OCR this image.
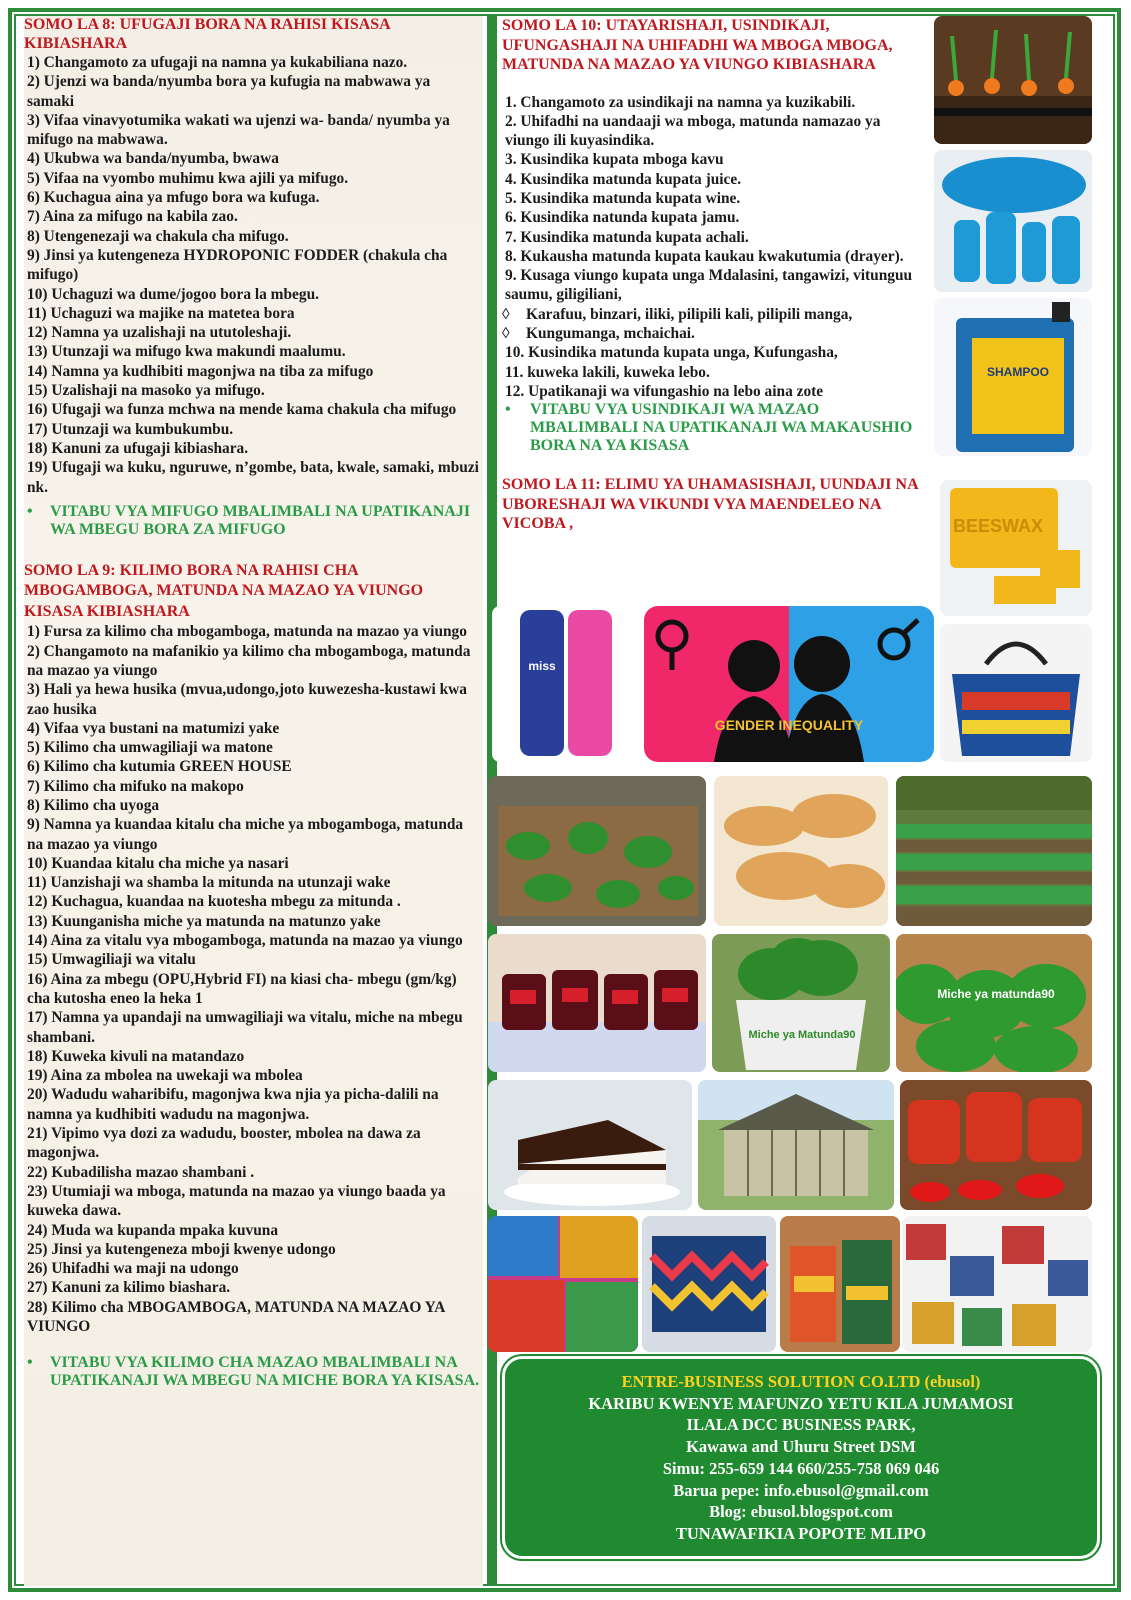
SOMO LA 8: UFUGAJI BORA NA RAHISI KISASA KIBIASHARA

1) Changamoto za ufugaji na namna ya kukabiliana nazo.

2) Ujenzi wa banda/nyumba bora ya kufugia na mabwawa ya samaki

3) Vifaa vinavyotumika wakati wa ujenzi wa- banda/ nyumba ya mifugo na mabwawa.

4) Ukubwa wa banda/nyumba, bwawa

5) Vifaa na vyombo muhimu kwa ajili ya mifugo.

6) Kuchagua aina ya mfugo bora wa kufuga.

7) Aina za mifugo na kabila zao.

8) Utengenezaji wa chakula cha mifugo.

9) Jinsi ya kutengeneza HYDROPONIC FODDER (chakula cha mifugo)

10) Uchaguzi wa dume/jogoo bora la mbegu.

11) Uchaguzi wa majike na matetea bora

12) Namna ya uzalishaji na ututoleshaji.

13) Utunzaji wa mifugo kwa makundi maalumu.

14) Namna ya kudhibiti magonjwa na tiba za mifugo

15) Uzalishaji na masoko ya mifugo.

16) Ufugaji wa funza mchwa na mende kama chakula cha mifugo

17) Utunzaji wa kumbukumbu.

18) Kanuni za ufugaji kibiashara.

19) Ufugaji wa kuku, nguruwe, n’gombe, bata, kwale, samaki, mbuzi nk.

• VITABU VYA MIFUGO MBALIMBALI NA UPATIKANAJI WA MBEGU BORA ZA MIFUGO

SOMO LA 9: KILIMO BORA NA RAHISI CHA MBOGAMBOGA, MATUNDA NA MAZAO YA VIUNGO KISASA KIBIASHARA

1) Fursa za kilimo cha mbogamboga, matunda na mazao ya viungo

2) Changamoto na mafanikio ya kilimo cha mbogamboga, matunda na mazao ya viungo

3) Hali ya hewa husika (mvua,udongo,joto kuwezesha-kustawi kwa zao husika

4) Vifaa vya bustani na matumizi yake

5) Kilimo cha umwagiliaji wa matone

6) Kilimo cha kutumia GREEN HOUSE

7) Kilimo cha mifuko na makopo

8) Kilimo cha uyoga

9) Namna ya kuandaa kitalu cha miche ya mbogamboga, matunda na mazao ya viungo

10) Kuandaa kitalu cha miche ya nasari

11) Uanzishaji wa shamba la mitunda na utunzaji wake

12) Kuchagua, kuandaa na kuotesha mbegu za mitunda .

13) Kuunganisha miche ya matunda na matunzo yake

14) Aina za vitalu vya mbogamboga, matunda na mazao ya viungo

15) Umwagiliaji wa vitalu

16) Aina za mbegu (OPU,Hybrid FI) na kiasi cha- mbegu (gm/kg) cha kutosha eneo la heka 1

17) Namna ya upandaji na umwagiliaji wa vitalu, miche na mbegu shambani.

18) Kuweka kivuli na matandazo

19) Aina za mbolea na uwekaji wa mbolea

20) Wadudu waharibifu, magonjwa kwa njia ya picha-dalili na namna ya kudhibiti wadudu na magonjwa.

21) Vipimo vya dozi za wadudu, booster, mbolea na dawa za magonjwa.

22) Kubadilisha mazao shambani .

23) Utumiaji wa mboga, matunda na mazao ya viungo baada ya kuweka dawa.

24) Muda wa kupanda mpaka kuvuna

25) Jinsi ya kutengeneza mboji kwenye udongo

26) Uhifadhi wa maji na udongo

27) Kanuni za kilimo biashara.

28) Kilimo cha MBOGAMBOGA, MATUNDA NA MAZAO YA VIUNGO

• VITABU VYA KILIMO CHA MAZAO MBALIMBALI NA UPATIKANAJI WA MBEGU NA MICHE BORA YA KISASA.

SOMO LA 10: UTAYARISHAJI, USINDIKAJI, UFUNGASHAJI NA UHIFADHI WA MBOGA MBOGA, MATUNDA NA MAZAO YA VIUNGO KIBIASHARA

1. Changamoto za usindikaji na namna ya kuzikabili.

2. Uhifadhi na uandaaji wa mboga, matunda namazao ya viungo ili kuyasindika.

3. Kusindika kupata mboga kavu

4. Kusindika matunda kupata juice.

5. Kusindika matunda kupata wine.

6. Kusindika natunda kupata jamu.

7. Kusindika matunda kupata achali.

8. Kukausha matunda kupata kaukau kwakutumia (drayer).

9. Kusaga viungo kupata unga Mdalasini, tangawizi, vitunguu saumu, giligiliani,

◊ Karafuu, binzari, iliki, pilipili kali, pilipili manga,

◊ Kungumanga, mchaichai.

10. Kusindika matunda kupata unga, Kufungasha,

11. kuweka lakili, kuweka lebo.

12. Upatikanaji wa vifungashio na lebo aina zote

• VITABU VYA USINDIKAJI WA MAZAO MBALIMBALI NA UPATIKANAJI WA MAKAUSHIO BORA NA YA KISASA

SOMO LA 11: ELIMU YA UHAMASISHAJI, UUNDAJI NA UBORESHAJI WA VIKUNDI VYA MAENDELEO NA VICOBA ,

SHAMPOO
BEESWAX
miss
GENDER INEQUALITY
Miche ya Matunda90
Miche ya matunda90
ENTRE-BUSINESS SOLUTION CO.LTD (ebusol)
KARIBU KWENYE MAFUNZO YETU KILA JUMAMOSI
ILALA DCC BUSINESS PARK,
Kawawa and Uhuru Street DSM
Simu: 255-659 144 660/255-758 069 046
Barua pepe: info.ebusol@gmail.com
Blog: ebusol.blogspot.com
TUNAWAFIKIA POPOTE MLIPO
